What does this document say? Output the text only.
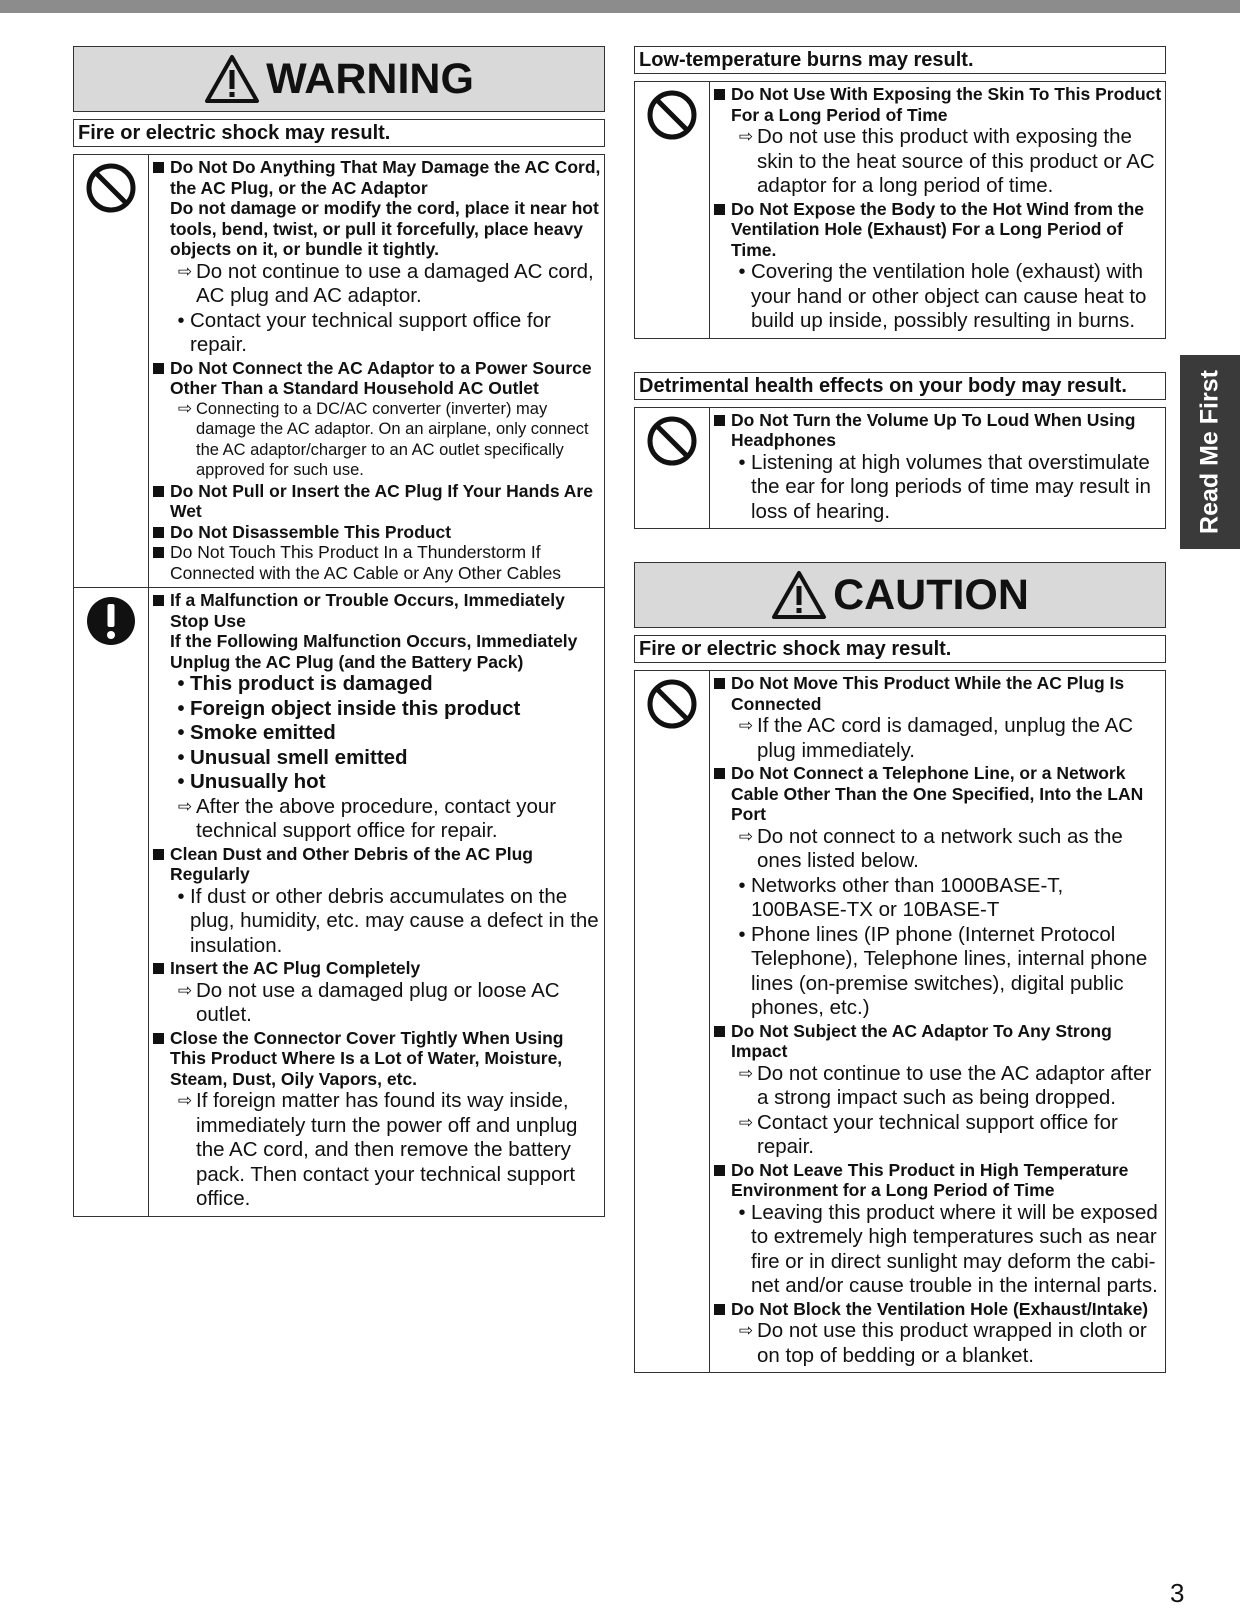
Read Me First
3
WARNING
Fire or electric shock may result.
Do Not Do Anything That May Damage the AC Cord, the AC Plug, or the AC Adaptor
Do not damage or modify the cord, place it near hot tools, bend, twist, or pull it forcefully, place heavy objects on it, or bundle it tightly.
⇨ Do not continue to use a damaged AC cord, AC plug and AC adaptor.
• Contact your technical support office for repair.
Do Not Connect the AC Adaptor to a Power Source Other Than a Standard Household AC Outlet
⇨ Connecting to a DC/AC converter (inverter) may damage the AC adaptor. On an airplane, only connect the AC adaptor/charger to an AC outlet specifically approved for such use.
Do Not Pull or Insert the AC Plug If Your Hands Are Wet
Do Not Disassemble This Product
Do Not Touch This Product In a Thunderstorm If Connected with the AC Cable or Any Other Cables
If a Malfunction or Trouble Occurs, Immediately Stop Use
If the Following Malfunction Occurs, Immediately Unplug the AC Plug (and the Battery Pack)
• This product is damaged
• Foreign object inside this product
• Smoke emitted
• Unusual smell emitted
• Unusually hot
⇨ After the above procedure, contact your technical support office for repair.
Clean Dust and Other Debris of the AC Plug Regularly
• If dust or other debris accumulates on the plug, humidity, etc. may cause a defect in the insulation.
Insert the AC Plug Completely
⇨ Do not use a damaged plug or loose AC outlet.
Close the Connector Cover Tightly When Using This Product Where Is a Lot of Water, Moisture, Steam, Dust, Oily Vapors, etc.
⇨ If foreign matter has found its way inside, immediately turn the power off and unplug the AC cord, and then remove the battery pack. Then contact your technical support office.
Low-temperature burns may result.
Do Not Use With Exposing the Skin To This Product For a Long Period of Time
⇨ Do not use this product with exposing the skin to the heat source of this product or AC adaptor for a long period of time.
Do Not Expose the Body to the Hot Wind from the Ventilation Hole (Exhaust) For a Long Period of Time.
• Covering the ventilation hole (exhaust) with your hand or other object can cause heat to build up inside, possibly resulting in burns.
Detrimental health effects on your body may result.
Do Not Turn the Volume Up To Loud When Using Headphones
• Listening at high volumes that overstimulate the ear for long periods of time may result in loss of hearing.
CAUTION
Fire or electric shock may result.
Do Not Move This Product While the AC Plug Is Connected
⇨ If the AC cord is damaged, unplug the AC plug immediately.
Do Not Connect a Telephone Line, or a Network Cable Other Than the One Specified, Into the LAN Port
⇨ Do not connect to a network such as the ones listed below.
• Networks other than 1000BASE-T, 100BASE-TX or 10BASE-T
• Phone lines (IP phone (Internet Protocol Telephone), Telephone lines, internal phone lines (on-premise switches), digital public phones, etc.)
Do Not Subject the AC Adaptor To Any Strong Impact
⇨ Do not continue to use the AC adaptor after a strong impact such as being dropped.
⇨ Contact your technical support office for repair.
Do Not Leave This Product in High Temperature Environment for a Long Period of Time
• Leaving this product where it will be exposed to extremely high temperatures such as near fire or in direct sunlight may deform the cabinet and/or cause trouble in the internal parts.
Do Not Block the Ventilation Hole (Exhaust/Intake)
⇨ Do not use this product wrapped in cloth or on top of bedding or a blanket.
